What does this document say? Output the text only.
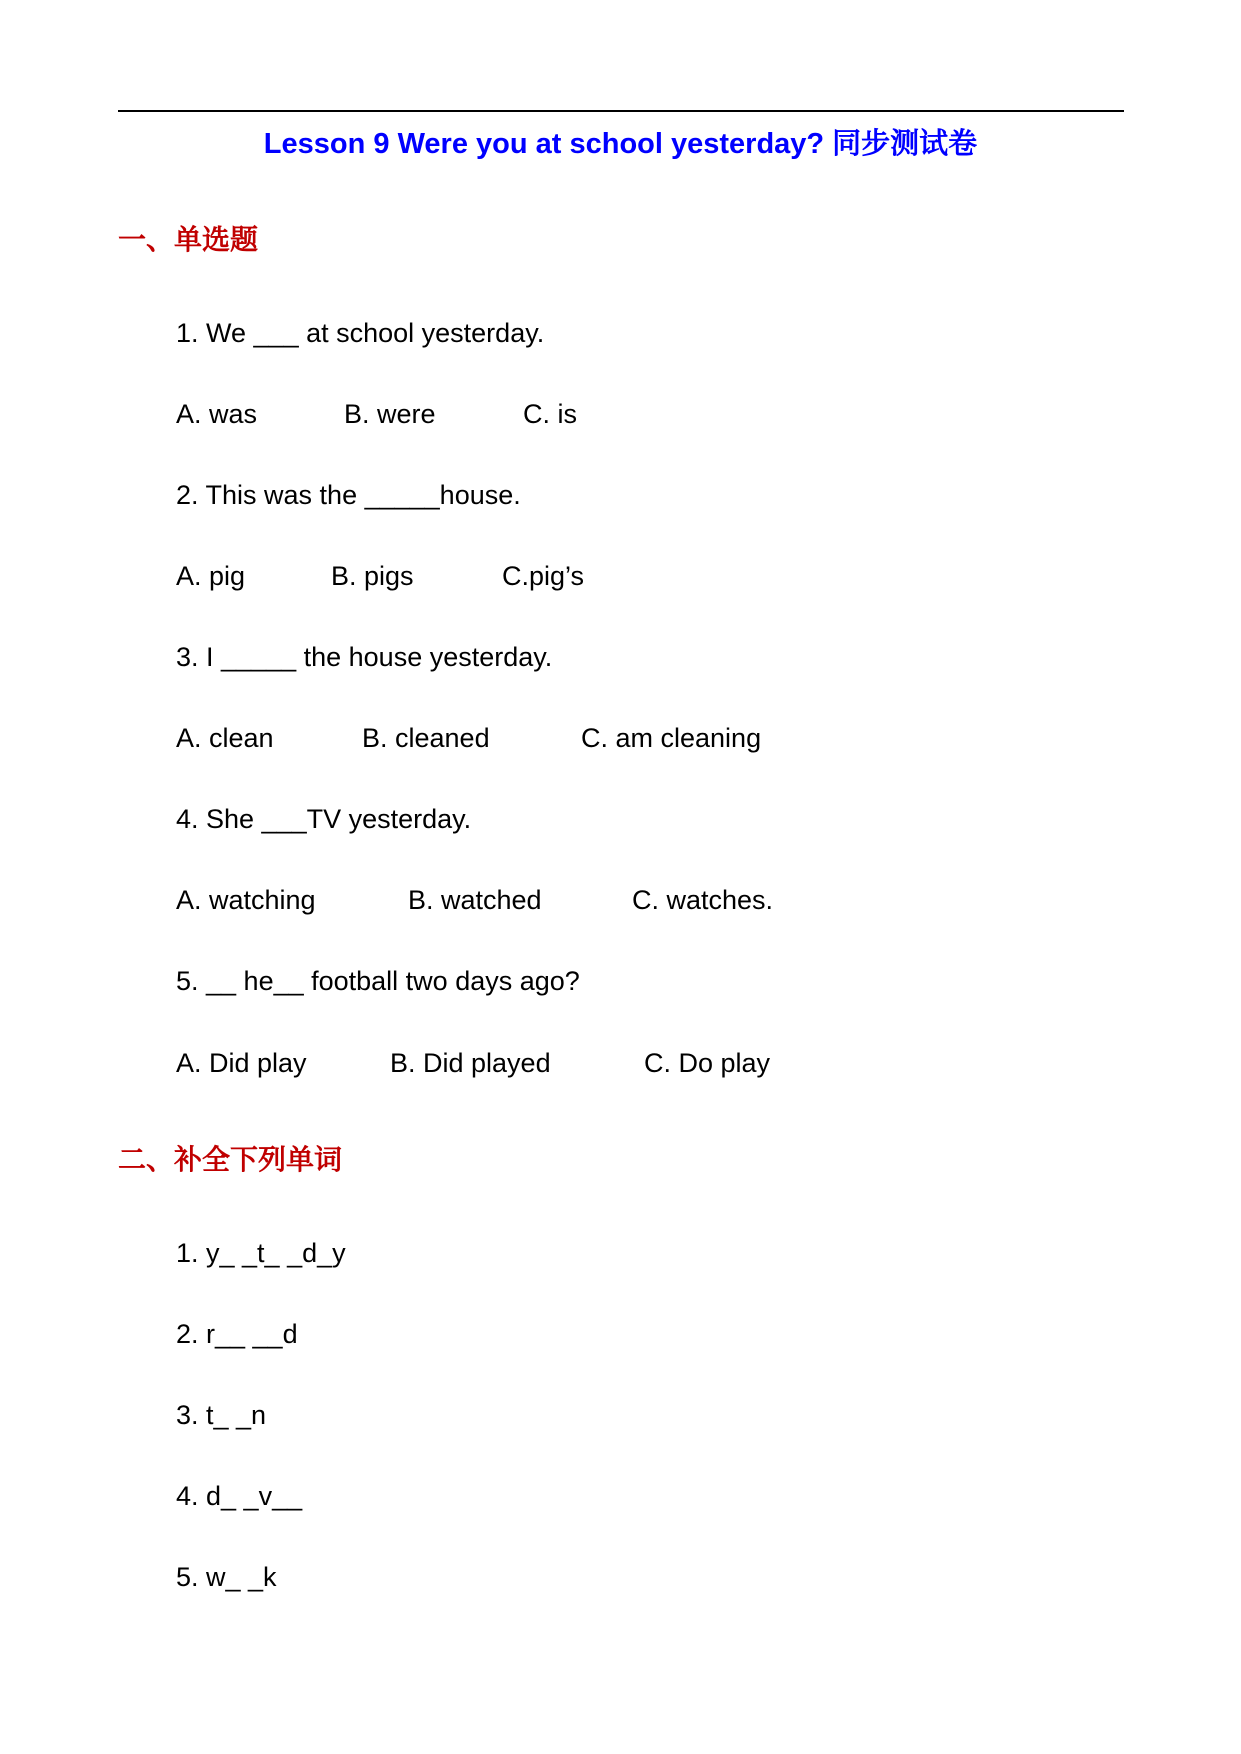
Lesson 9 Were you at school yesterday? 同步测试卷
一、单选题
1. We ___ at school yesterday.
A. was	B. were	C. is
2. This was the _____house.
A. pig	B. pigs	C.pig’s
3. I _____ the house yesterday.
A. clean	B. cleaned	C. am cleaning
4. She ___TV yesterday.
A. watching	B. watched	C. watches.
5. __ he__ football two days ago?
A. Did play	B. Did played	C. Do play
二、补全下列单词
1. y_ _t_ _d_y
2. r__ __d
3. t_ _n
4. d_ _v__
5. w_ _k
